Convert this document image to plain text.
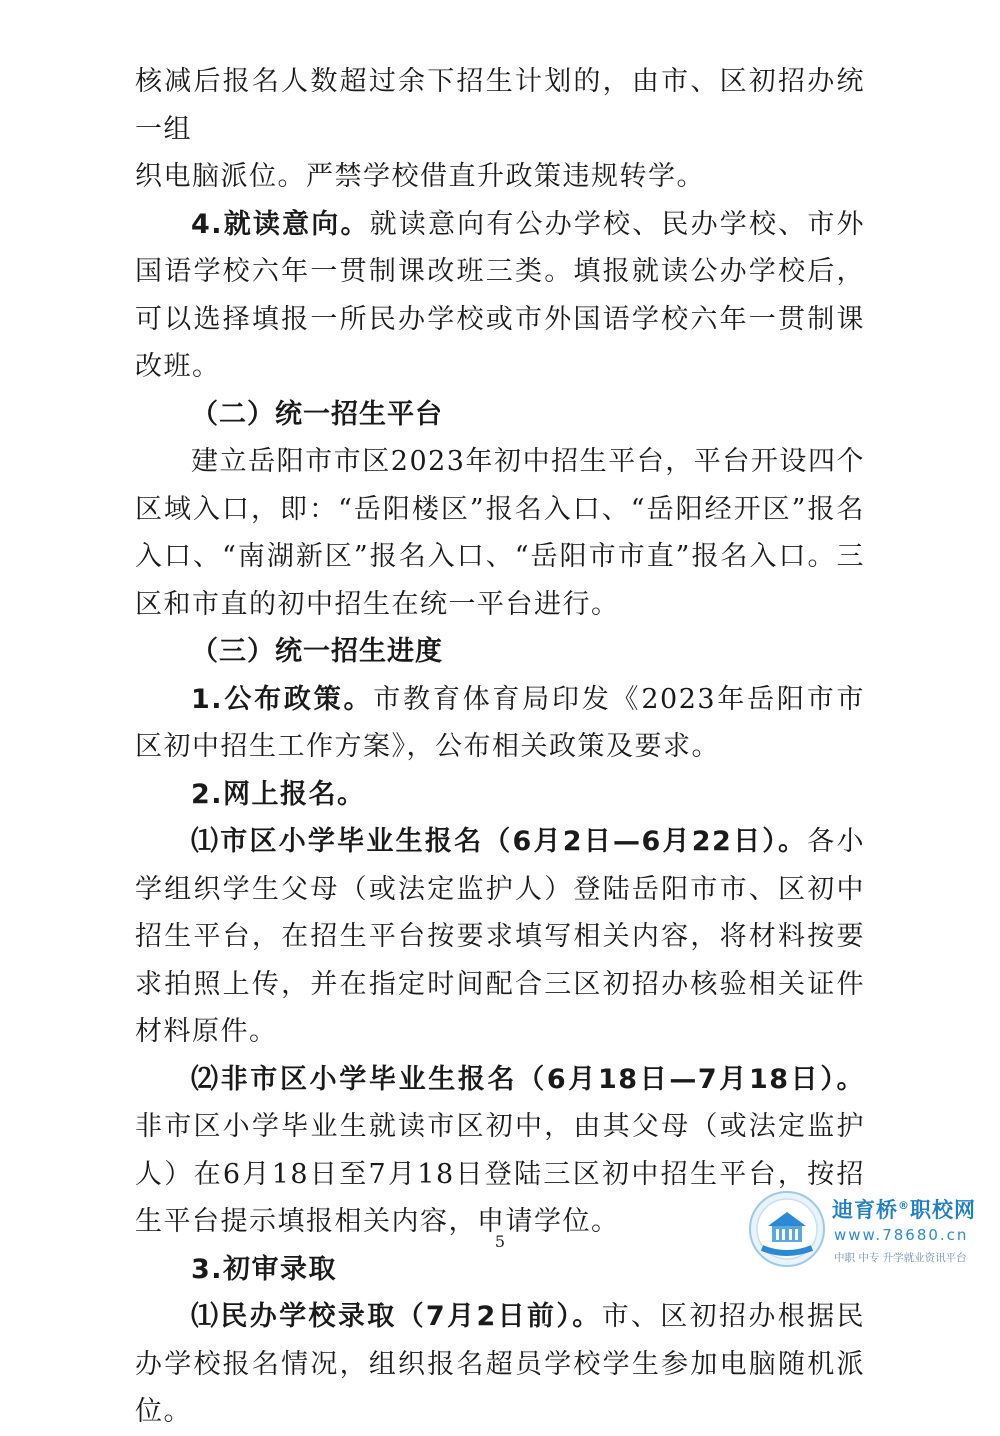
核减后报名人数超过余下招生计划的，由市、区初招办统一组
织电脑派位。严禁学校借直升政策违规转学。

4.就读意向。就读意向有公办学校、民办学校、市外国语学校六年一贯制课改班三类。填报就读公办学校后，可以选择填报一所民办学校或市外国语学校六年一贯制课改班。

（二）统一招生平台

建立岳阳市市区2023年初中招生平台，平台开设四个区域入口，即：“岳阳楼区”报名入口、“岳阳经开区”报名入口、“南湖新区”报名入口、“岳阳市市直”报名入口。三区和市直的初中招生在统一平台进行。

（三）统一招生进度

1.公布政策。市教育体育局印发《2023年岳阳市市区初中招生工作方案》，公布相关政策及要求。

2.网上报名。

⑴市区小学毕业生报名（6月2日—6月22日）。各小学组织学生父母（或法定监护人）登陆岳阳市市、区初中招生平台，在招生平台按要求填写相关内容，将材料按要求拍照上传，并在指定时间配合三区初招办核验相关证件材料原件。

⑵非市区小学毕业生报名（6月18日—7月18日）。非市区小学毕业生就读市区初中，由其父母（或法定监护人）在6月18日至7月18日登陆三区初中招生平台，按招生平台提示填报相关内容，申请学位。

3.初审录取

⑴民办学校录取（7月2日前）。市、区初招办根据民办学校报名情况，组织报名超员学校学生参加电脑随机派位。

5
迪育桥®职校网
www.78680.cn
中职 中专 升学就业资讯平台
